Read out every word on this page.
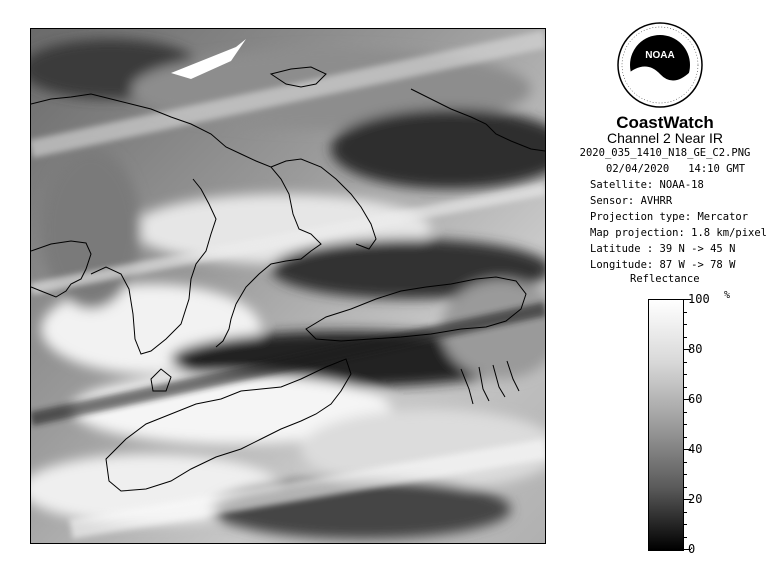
NOAA
CoastWatch
Channel 2 Near IR
2020_035_1410_N18_GE_C2.PNG
02/04/2020 14:10 GMT
Satellite: NOAA-18
Sensor: AVHRR
Projection type: Mercator
Map projection: 1.8 km/pixel
Latitude : 39 N -> 45 N
Longitude: 87 W -> 78 W
Reflectance
%
100
80
60
40
20
0
